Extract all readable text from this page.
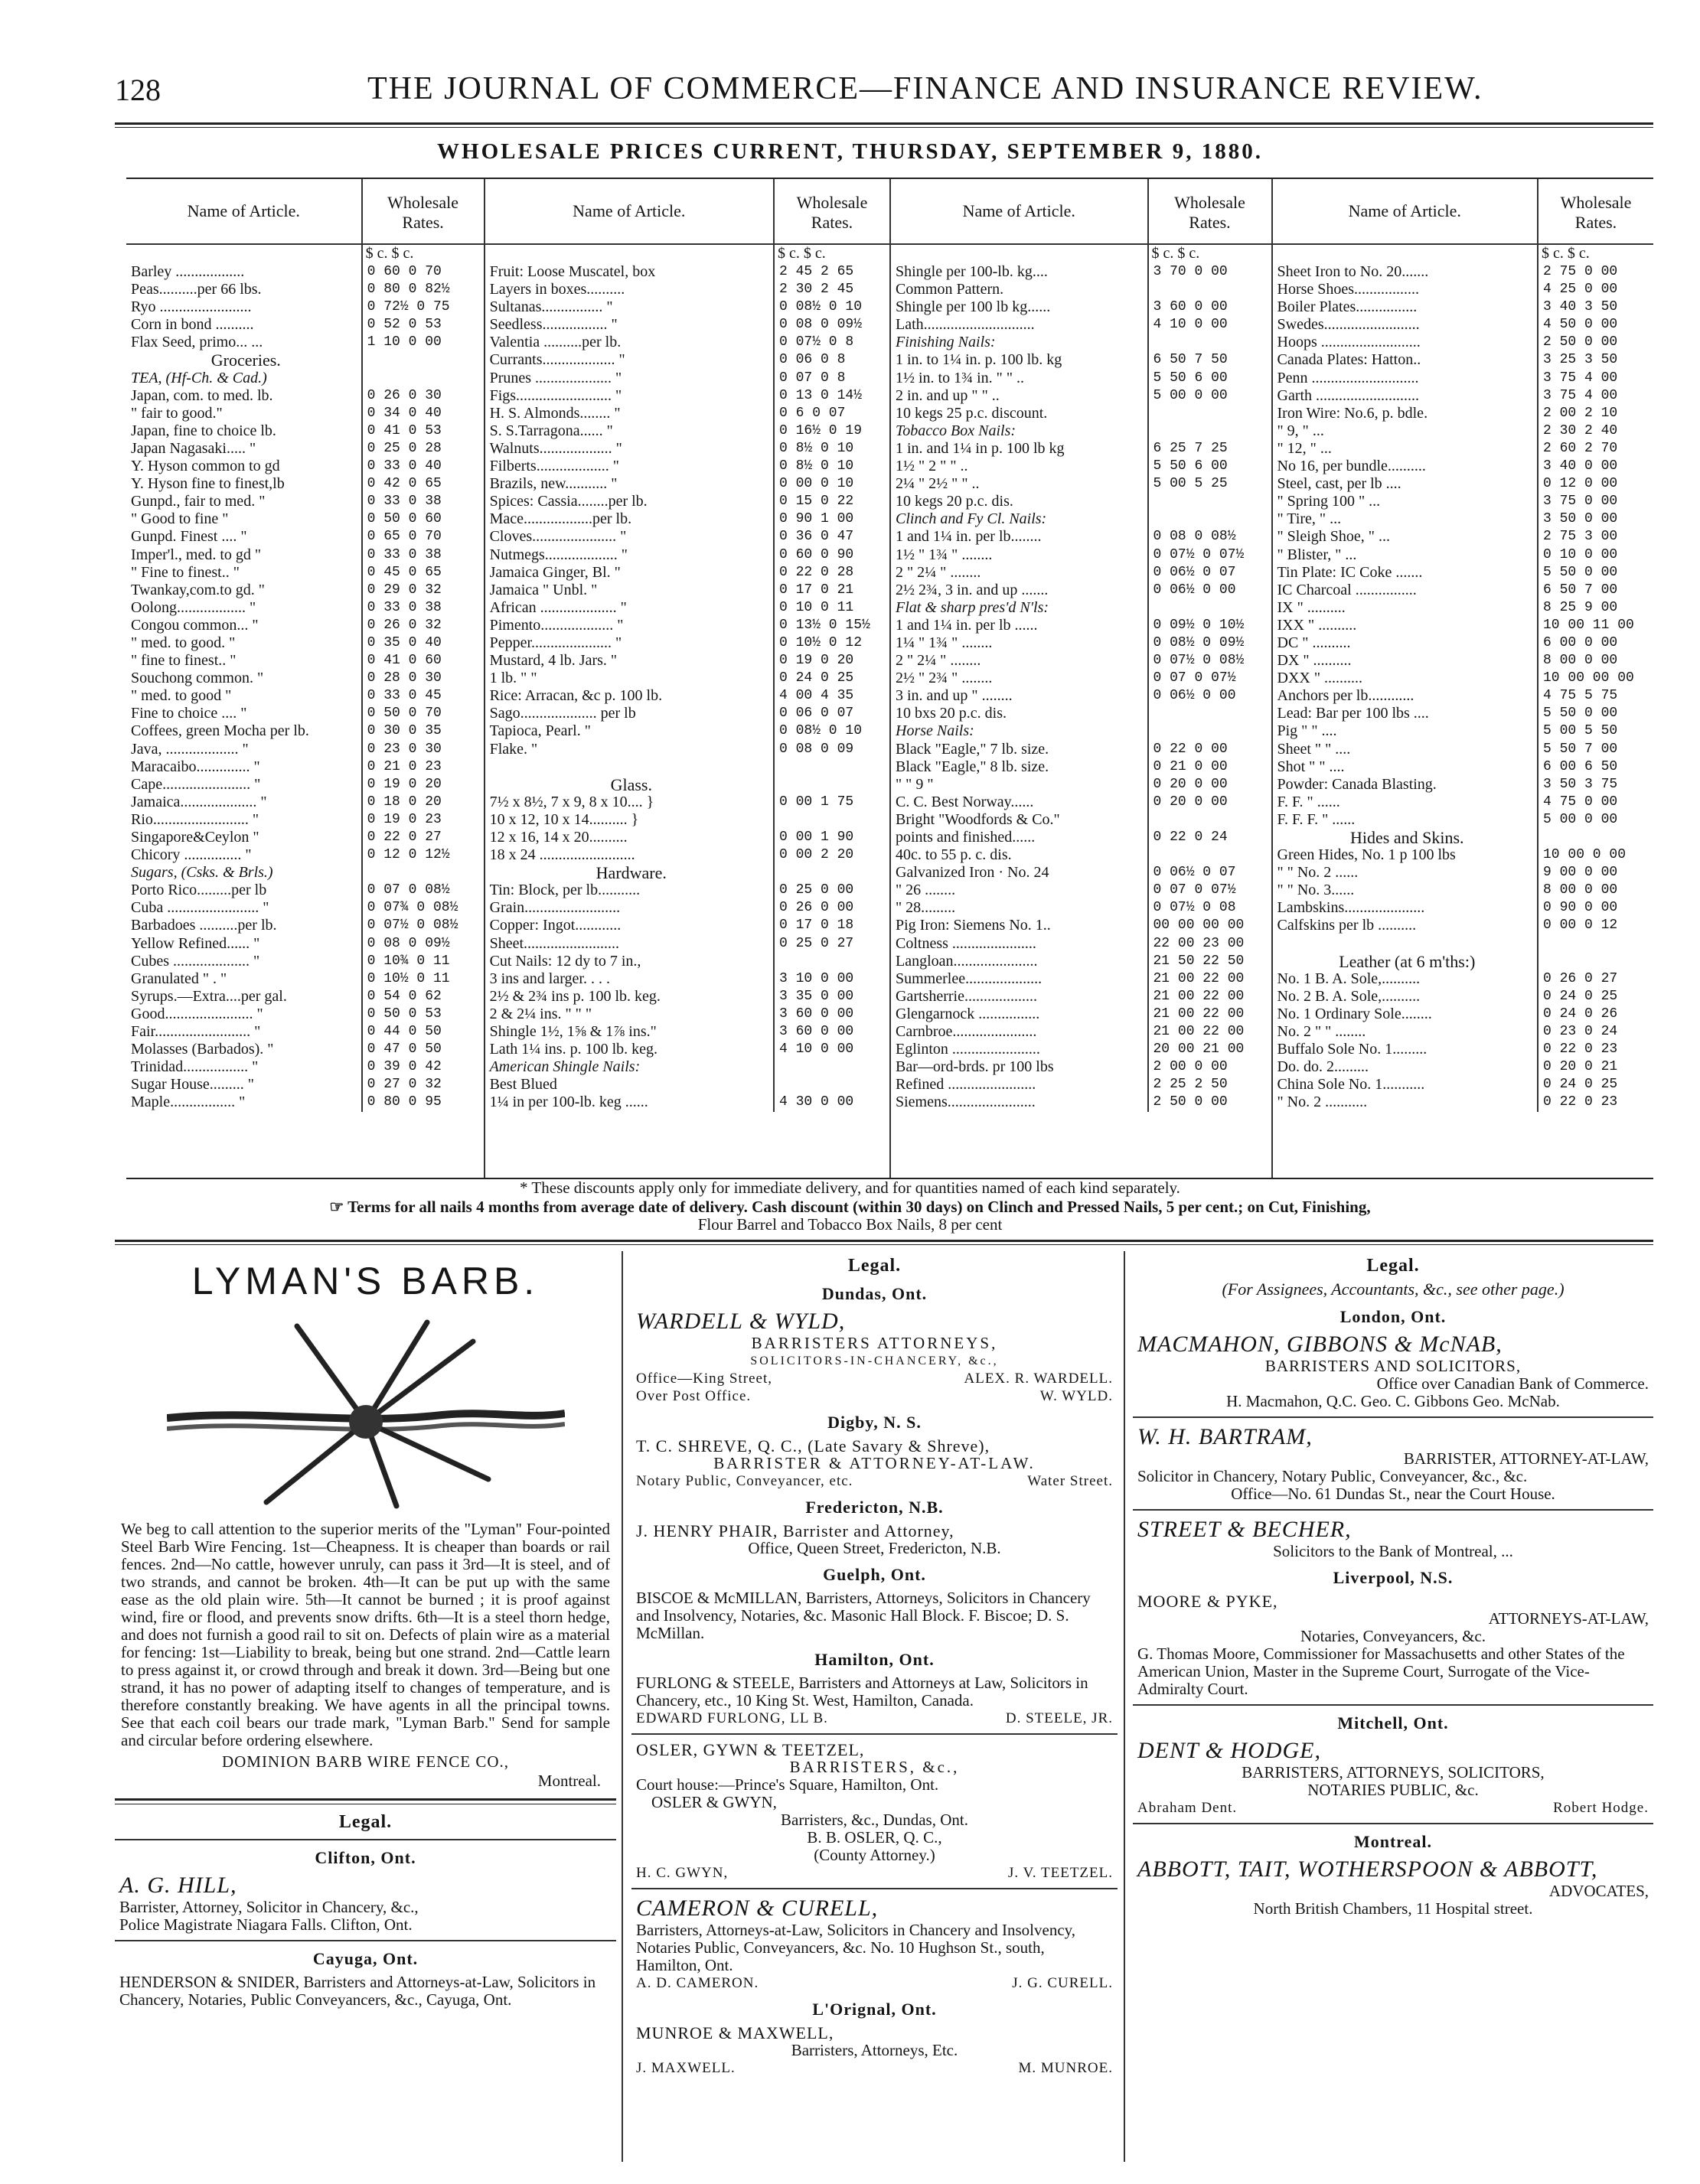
128	THE JOURNAL OF COMMERCE—FINANCE AND INSURANCE REVIEW.
WHOLESALE PRICES CURRENT, THURSDAY, SEPTEMBER 9, 1880.
Name of Article.	Wholesale
Rates.
$ c. $ c.
Barley ..................	0 60 0 70
Peas..........per 66 lbs.	0 80 0 82½
Ryo ........................	0 72½ 0 75
Corn in bond ..........	0 52 0 53
Flax Seed, primo... ...	1 10 0 00
Groceries.
TEA, (Hf-Ch. & Cad.)
Japan, com. to med. lb.	0 26 0 30
" fair to good."	0 34 0 40
Japan, fine to choice lb.	0 41 0 53
Japan Nagasaki..... "	0 25 0 28
Y. Hyson common to gd	0 33 0 40
Y. Hyson fine to finest,lb	0 42 0 65
Gunpd., fair to med. "	0 33 0 38
" Good to fine "	0 50 0 60
Gunpd. Finest .... "	0 65 0 70
Imper'l., med. to gd "	0 33 0 38
" Fine to finest.. "	0 45 0 65
Twankay,com.to gd. "	0 29 0 32
Oolong.................. "	0 33 0 38
Congou common... "	0 26 0 32
" med. to good. "	0 35 0 40
" fine to finest.. "	0 41 0 60
Souchong common. "	0 28 0 30
" med. to good "	0 33 0 45
Fine to choice .... "	0 50 0 70
Coffees, green Mocha per lb.	0 30 0 35
Java, ................... "	0 23 0 30
Maracaibo.............. "	0 21 0 23
Cape....................... "	0 19 0 20
Jamaica.................... "	0 18 0 20
Rio......................... "	0 19 0 23
Singapore&Ceylon "	0 22 0 27
Chicory ............... "	0 12 0 12½
Sugars, (Csks. & Brls.)
Porto Rico.........per lb	0 07 0 08½
Cuba ........................ "	0 07¾ 0 08½
Barbadoes ..........per lb.	0 07½ 0 08½
Yellow Refined...... "	0 08 0 09½
Cubes .................... "	0 10¾ 0 11
Granulated " . "	0 10½ 0 11
Syrups.—Extra....per gal.	0 54 0 62
Good....................... "	0 50 0 53
Fair......................... "	0 44 0 50
Molasses (Barbados). "	0 47 0 50
Trinidad................. "	0 39 0 42
Sugar House......... "	0 27 0 32
Maple................. "	0 80 0 95
Name of Article.	Wholesale
Rates.
$ c. $ c.
Fruit: Loose Muscatel, box	2 45 2 65
Layers in boxes..........	2 30 2 45
Sultanas................ "	0 08½ 0 10
Seedless................. "	0 08 0 09½
Valentia ..........per lb.	0 07½ 0 8
Currants................... "	0 06 0 8
Prunes .................... "	0 07 0 8
Figs......................... "	0 13 0 14½
H. S. Almonds........ "	0 6 0 07
S. S.Tarragona...... "	0 16½ 0 19
Walnuts................... "	0 8½ 0 10
Filberts................... "	0 8½ 0 10
Brazils, new........... "	0 00 0 10
Spices: Cassia........per lb.	0 15 0 22
Mace..................per lb.	0 90 1 00
Cloves...................... "	0 36 0 47
Nutmegs................... "	0 60 0 90
Jamaica Ginger, Bl. "	0 22 0 28
Jamaica " Unbl. "	0 17 0 21
African .................... "	0 10 0 11
Pimento................... "	0 13½ 0 15½
Pepper..................... "	0 10½ 0 12
Mustard, 4 lb. Jars. "	0 19 0 20
1 lb. " "	0 24 0 25
Rice: Arracan, &c p. 100 lb.	4 00 4 35
Sago.................... per lb	0 06 0 07
Tapioca, Pearl. "	0 08½ 0 10
Flake. "	0 08 0 09
Glass.
7½ x 8½, 7 x 9, 8 x 10.... }	0 00 1 75
10 x 12, 10 x 14.......... }
12 x 16, 14 x 20..........	0 00 1 90
18 x 24 .........................	0 00 2 20
Hardware.
Tin: Block, per lb...........	0 25 0 00
Grain.........................	0 26 0 00
Copper: Ingot............	0 17 0 18
Sheet.........................	0 25 0 27
Cut Nails: 12 dy to 7 in.,
3 ins and larger. . . .	3 10 0 00
2½ & 2¾ ins p. 100 lb. keg.	3 35 0 00
2 & 2¼ ins. " " "	3 60 0 00
Shingle 1½, 1⅝ & 1⅞ ins."	3 60 0 00
Lath 1¼ ins. p. 100 lb. keg.	4 10 0 00
American Shingle Nails:
Best Blued
1¼ in per 100-lb. keg ......	4 30 0 00
Name of Article.	Wholesale
Rates.
$ c. $ c.
Shingle per 100-lb. kg....	3 70 0 00
Common Pattern.
Shingle per 100 lb kg......	3 60 0 00
Lath.............................	4 10 0 00
Finishing Nails:
1 in. to 1¼ in. p. 100 lb. kg	6 50 7 50
1½ in. to 1¾ in. " " ..	5 50 6 00
2 in. and up " " ..	5 00 0 00
10 kegs 25 p.c. discount.
Tobacco Box Nails:
1 in. and 1¼ in p. 100 lb kg	6 25 7 25
1½ " 2 " " ..	5 50 6 00
2¼ " 2½ " " ..	5 00 5 25
10 kegs 20 p.c. dis.
Clinch and Fy Cl. Nails:
1 and 1¼ in. per lb........	0 08 0 08½
1½ " 1¾ " ........	0 07½ 0 07½
2 " 2¼ " ........	0 06½ 0 07
2½ 2¾, 3 in. and up .......	0 06½ 0 00
Flat & sharp pres'd N'ls:
1 and 1¼ in. per lb ......	0 09½ 0 10½
1¼ " 1¾ " ........	0 08½ 0 09½
2 " 2¼ " ........	0 07½ 0 08½
2½ " 2¾ " ........	0 07 0 07½
3 in. and up " ........	0 06½ 0 00
10 bxs 20 p.c. dis.
Horse Nails:
Black "Eagle," 7 lb. size.	0 22 0 00
Black "Eagle," 8 lb. size.	0 21 0 00
" " 9 "	0 20 0 00
C. C. Best Norway......	0 20 0 00
Bright "Woodfords & Co."
points and finished......	0 22 0 24
40c. to 55 p. c. dis.
Galvanized Iron · No. 24	0 06½ 0 07
" 26 ........	0 07 0 07½
" 28.........	0 07½ 0 08
Pig Iron: Siemens No. 1..	00 00 00 00
Coltness ......................	22 00 23 00
Langloan......................	21 50 22 50
Summerlee....................	21 00 22 00
Gartsherrie...................	21 00 22 00
Glengarnock ................	21 00 22 00
Carnbroe......................	21 00 22 00
Eglinton .......................	20 00 21 00
Bar—ord-brds. pr 100 lbs	2 00 0 00
Refined .......................	2 25 2 50
Siemens.......................	2 50 0 00
Name of Article.	Wholesale
Rates.
$ c. $ c.
Sheet Iron to No. 20.......	2 75 0 00
Horse Shoes.................	4 25 0 00
Boiler Plates................	3 40 3 50
Swedes.........................	4 50 0 00
Hoops ..........................	2 50 0 00
Canada Plates: Hatton..	3 25 3 50
Penn ............................	3 75 4 00
Garth ...........................	3 75 4 00
Iron Wire: No.6, p. bdle.	2 00 2 10
" 9, " ...	2 30 2 40
" 12, " ...	2 60 2 70
No 16, per bundle..........	3 40 0 00
Steel, cast, per lb ....	0 12 0 00
" Spring 100 " ...	3 75 0 00
" Tire, " ...	3 50 0 00
" Sleigh Shoe, " ...	2 75 3 00
" Blister, " ...	0 10 0 00
Tin Plate: IC Coke .......	5 50 0 00
IC Charcoal ................	6 50 7 00
IX " ..........	8 25 9 00
IXX " ..........	10 00 11 00
DC " ..........	6 00 0 00
DX " ..........	8 00 0 00
DXX " ..........	10 00 00 00
Anchors per lb............	4 75 5 75
Lead: Bar per 100 lbs ....	5 50 0 00
Pig " " ....	5 00 5 50
Sheet " " ....	5 50 7 00
Shot " " ....	6 00 6 50
Powder: Canada Blasting.	3 50 3 75
F. F. " ......	4 75 0 00
F. F. F. " ......	5 00 0 00
Hides and Skins.
Green Hides, No. 1 p 100 lbs	10 00 0 00
" " No. 2 ......	9 00 0 00
" " No. 3......	8 00 0 00
Lambskins.....................	0 90 0 00
Calfskins per lb ..........	0 00 0 12
Leather (at 6 m'ths:)
No. 1 B. A. Sole,..........	0 26 0 27
No. 2 B. A. Sole,..........	0 24 0 25
No. 1 Ordinary Sole........	0 24 0 26
No. 2 " " ........	0 23 0 24
Buffalo Sole No. 1.........	0 22 0 23
Do. do. 2.........	0 20 0 21
China Sole No. 1...........	0 24 0 25
" No. 2 ...........	0 22 0 23
* These discounts apply only for immediate delivery, and for quantities named of each kind separately.
☞ Terms for all nails 4 months from average date of delivery. Cash discount (within 30 days) on Clinch and Pressed Nails, 5 per cent.; on Cut, Finishing,
Flour Barrel and Tobacco Box Nails, 8 per cent
LYMAN'S BARB.
We beg to call attention to the superior merits of the "Lyman" Four-pointed Steel Barb Wire Fencing. 1st—Cheapness. It is cheaper than boards or rail fences. 2nd—No cattle, however unruly, can pass it 3rd—It is steel, and of two strands, and cannot be broken. 4th—It can be put up with the same ease as the old plain wire. 5th—It cannot be burned ; it is proof against wind, fire or flood, and prevents snow drifts. 6th—It is a steel thorn hedge, and does not furnish a good rail to sit on. Defects of plain wire as a material for fencing: 1st—Liability to break, being but one strand. 2nd—Cattle learn to press against it, or crowd through and break it down. 3rd—Being but one strand, it has no power of adapting itself to changes of temperature, and is therefore constantly breaking. We have agents in all the principal towns. See that each coil bears our trade mark, "Lyman Barb." Send for sample and circular before ordering elsewhere.
DOMINION BARB WIRE FENCE CO.,
Montreal.
Legal.
Clifton, Ont.
A. G. HILL,
Barrister, Attorney, Solicitor in Chancery, &c.,
Police Magistrate Niagara Falls. Clifton, Ont.
Cayuga, Ont.
HENDERSON & SNIDER, Barristers and Attorneys-at-Law, Solicitors in Chancery, Notaries, Public Conveyancers, &c., Cayuga, Ont.
Legal.
Dundas, Ont.
WARDELL & WYLD,
BARRISTERS ATTORNEYS,
SOLICITORS-IN-CHANCERY, &c.,
Office—King Street,	ALEX. R. WARDELL.
Over Post Office.	W. WYLD.
Digby, N. S.
T. C. SHREVE, Q. C., (Late Savary & Shreve),
BARRISTER & ATTORNEY-AT-LAW.
Notary Public, Conveyancer, etc.	Water Street.
Fredericton, N.B.
J. HENRY PHAIR, Barrister and Attorney,
Office, Queen Street, Fredericton, N.B.
Guelph, Ont.
BISCOE & McMILLAN, Barristers, Attorneys, Solicitors in Chancery and Insolvency, Notaries, &c. Masonic Hall Block. F. Biscoe; D. S. McMillan.
Hamilton, Ont.
FURLONG & STEELE, Barristers and Attorneys at Law, Solicitors in Chancery, etc., 10 King St. West, Hamilton, Canada.
EDWARD FURLONG, LL B.	D. STEELE, JR.
OSLER, GYWN & TEETZEL,
BARRISTERS, &c.,
Court house:—Prince's Square, Hamilton, Ont.
OSLER & GWYN,
Barristers, &c., Dundas, Ont.
B. B. OSLER, Q. C.,
(County Attorney.)
H. C. GWYN,	J. V. TEETZEL.
CAMERON & CURELL,
Barristers, Attorneys-at-Law, Solicitors in Chancery and Insolvency, Notaries Public, Conveyancers, &c. No. 10 Hughson St., south, Hamilton, Ont.
A. D. CAMERON.	J. G. CURELL.
L'Orignal, Ont.
MUNROE & MAXWELL,
Barristers, Attorneys, Etc.
J. MAXWELL.	M. MUNROE.
Legal.
(For Assignees, Accountants, &c., see other page.)
London, Ont.
MACMAHON, GIBBONS & McNAB,
BARRISTERS AND SOLICITORS,
Office over Canadian Bank of Commerce.
H. Macmahon, Q.C. Geo. C. Gibbons Geo. McNab.
W. H. BARTRAM,
BARRISTER, ATTORNEY-AT-LAW,
Solicitor in Chancery, Notary Public, Conveyancer, &c., &c.
Office—No. 61 Dundas St., near the Court House.
STREET & BECHER,
Solicitors to the Bank of Montreal, ...
Liverpool, N.S.
MOORE & PYKE,
ATTORNEYS-AT-LAW,
Notaries, Conveyancers, &c.
G. Thomas Moore, Commissioner for Massachusetts and other States of the American Union, Master in the Supreme Court, Surrogate of the Vice-Admiralty Court.
Mitchell, Ont.
DENT & HODGE,
BARRISTERS, ATTORNEYS, SOLICITORS,
NOTARIES PUBLIC, &c.
Abraham Dent.	Robert Hodge.
Montreal.
ABBOTT, TAIT, WOTHERSPOON & ABBOTT,
ADVOCATES,
North British Chambers, 11 Hospital street.
